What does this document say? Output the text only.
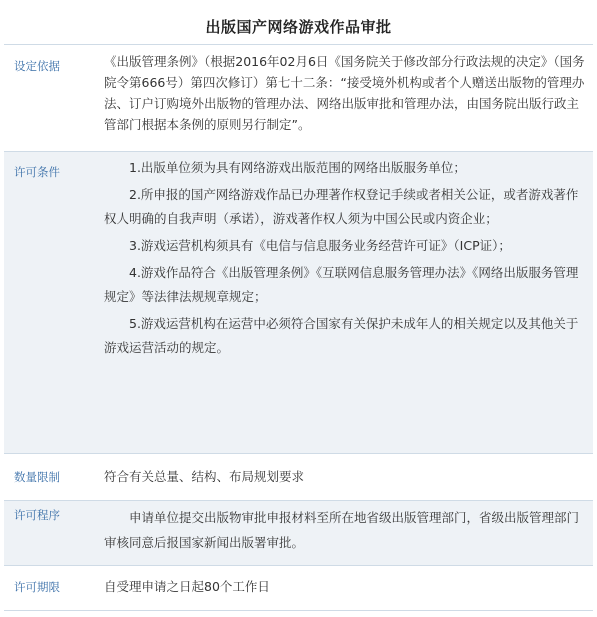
出版国产网络游戏作品审批
设定依据	《出版管理条例》（根据2016年02月6日《国务院关于修改部分行政法规的决定》（国务院令第666号）第四次修订）第七十二条：“接受境外机构或者个人赠送出版物的管理办法、订户订购境外出版物的管理办法、网络出版审批和管理办法，由国务院出版行政主管部门根据本条例的原则另行制定”。

许可条件	1.出版单位须为具有网络游戏出版范围的网络出版服务单位；

2.所申报的国产网络游戏作品已办理著作权登记手续或者相关公证，或者游戏著作权人明确的自我声明（承诺），游戏著作权人须为中国公民或内资企业；

3.游戏运营机构须具有《电信与信息服务业务经营许可证》（ICP证）；

4.游戏作品符合《出版管理条例》《互联网信息服务管理办法》《网络出版服务管理规定》等法律法规规章规定；

5.游戏运营机构在运营中必须符合国家有关保护未成年人的相关规定以及其他关于游戏运营活动的规定。

数量限制	符合有关总量、结构、布局规划要求

许可程序	申请单位提交出版物审批申报材料至所在地省级出版管理部门，省级出版管理部门审核同意后报国家新闻出版署审批。

许可期限	自受理申请之日起80个工作日
